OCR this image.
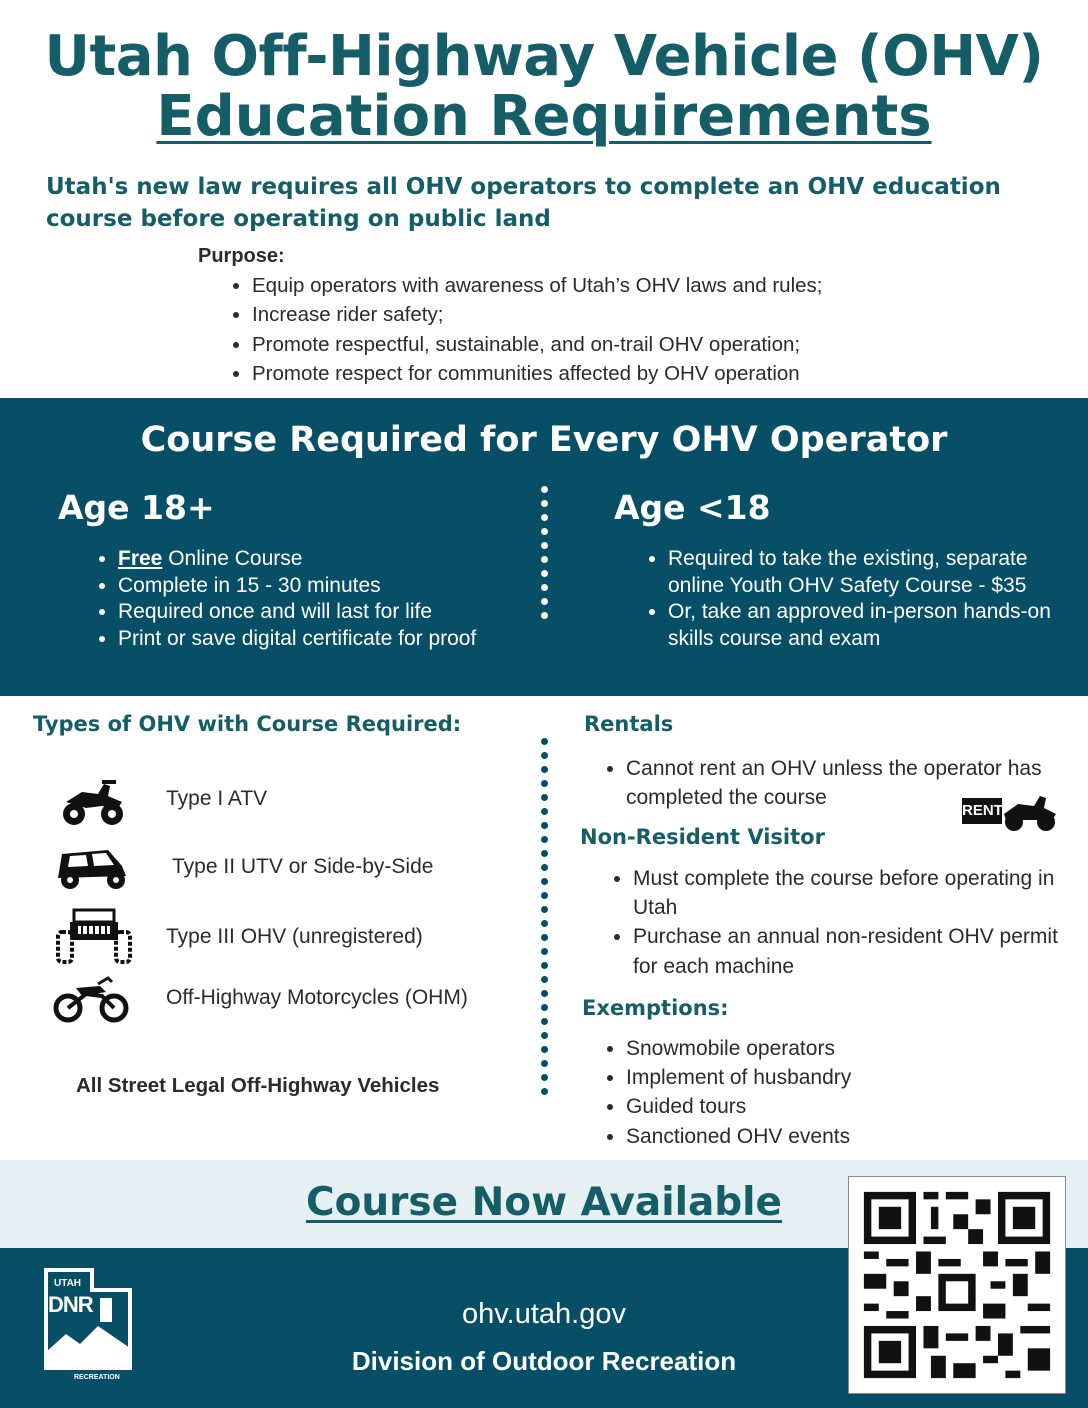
Utah Off-Highway Vehicle (OHV)
Education Requirements
Utah's new law requires all OHV operators to complete an OHV education course before operating on public land
Purpose:
• Equip operators with awareness of Utah’s OHV laws and rules;
• Increase rider safety;
• Promote respectful, sustainable, and on-trail OHV operation;
• Promote respect for communities affected by OHV operation
Course Required for Every OHV Operator
Age 18+
• Free Online Course
• Complete in 15 - 30 minutes
• Required once and will last for life
• Print or save digital certificate for proof
Age <18
• Required to take the existing, separate online Youth OHV Safety Course - $35
• Or, take an approved in-person hands-on skills course and exam
Types of OHV with Course Required:
Type I ATV
Type II UTV or Side-by-Side
Type III OHV (unregistered)
Off-Highway Motorcycles (OHM)
All Street Legal Off-Highway Vehicles
Rentals
• Cannot rent an OHV unless the operator has completed the course
RENT
Non-Resident Visitor
• Must complete the course before operating in Utah
• Purchase an annual non-resident OHV permit for each machine
Exemptions:
• Snowmobile operators
• Implement of husbandry
• Guided tours
• Sanctioned OHV events
Course Now Available
ohv.utah.gov
Division of Outdoor Recreation
UTAH
DNR
RECREATION
